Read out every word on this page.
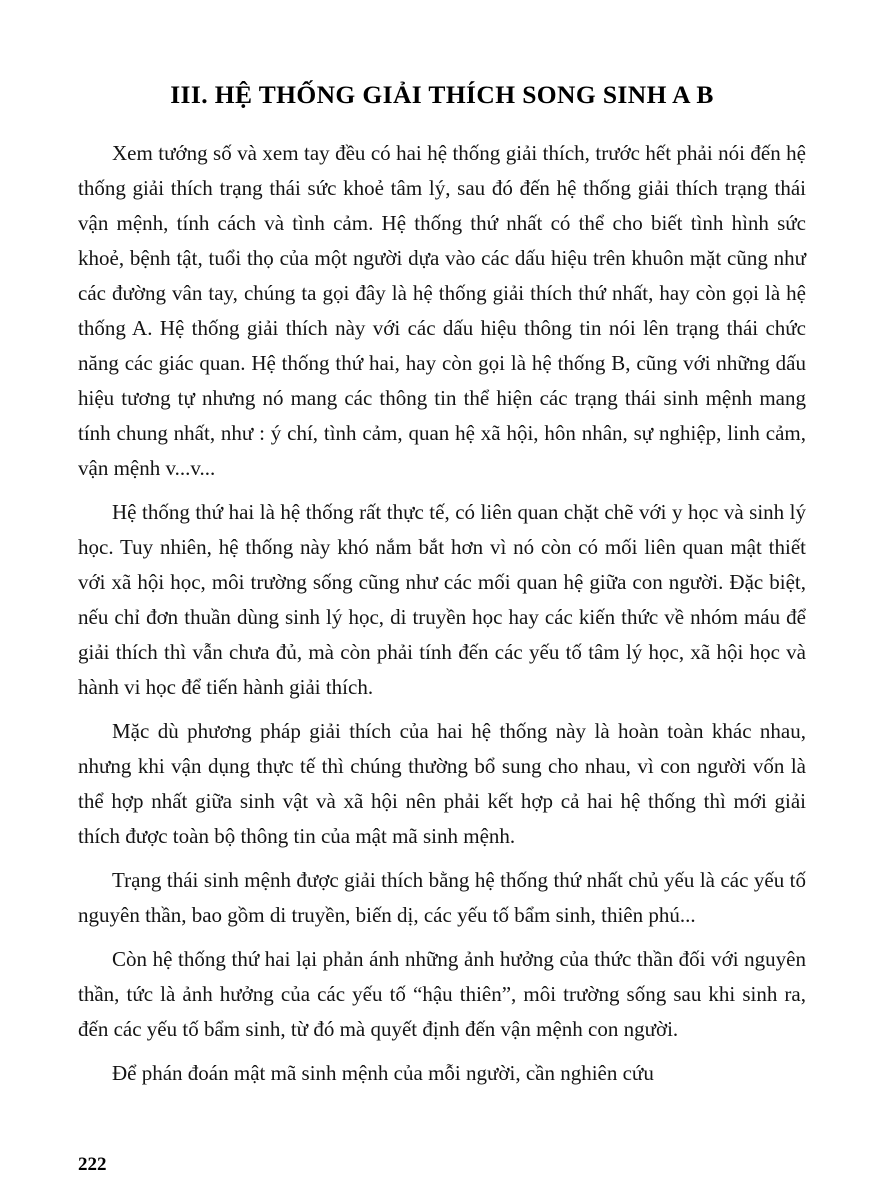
III. HỆ THỐNG GIẢI THÍCH SONG SINH A B

Xem tướng số và xem tay đều có hai hệ thống giải thích, trước hết phải nói đến hệ thống giải thích trạng thái sức khoẻ tâm lý, sau đó đến hệ thống giải thích trạng thái vận mệnh, tính cách và tình cảm. Hệ thống thứ nhất có thể cho biết tình hình sức khoẻ, bệnh tật, tuổi thọ của một người dựa vào các dấu hiệu trên khuôn mặt cũng như các đường vân tay, chúng ta gọi đây là hệ thống giải thích thứ nhất, hay còn gọi là hệ thống A. Hệ thống giải thích này với các dấu hiệu thông tin nói lên trạng thái chức năng các giác quan. Hệ thống thứ hai, hay còn gọi là hệ thống B, cũng với những dấu hiệu tương tự nhưng nó mang các thông tin thể hiện các trạng thái sinh mệnh mang tính chung nhất, như : ý chí, tình cảm, quan hệ xã hội, hôn nhân, sự nghiệp, linh cảm, vận mệnh v...v...

Hệ thống thứ hai là hệ thống rất thực tế, có liên quan chặt chẽ với y học và sinh lý học. Tuy nhiên, hệ thống này khó nắm bắt hơn vì nó còn có mối liên quan mật thiết với xã hội học, môi trường sống cũng như các mối quan hệ giữa con người. Đặc biệt, nếu chỉ đơn thuần dùng sinh lý học, di truyền học hay các kiến thức về nhóm máu để giải thích thì vẫn chưa đủ, mà còn phải tính đến các yếu tố tâm lý học, xã hội học và hành vi học để tiến hành giải thích.

Mặc dù phương pháp giải thích của hai hệ thống này là hoàn toàn khác nhau, nhưng khi vận dụng thực tế thì chúng thường bổ sung cho nhau, vì con người vốn là thể hợp nhất giữa sinh vật và xã hội nên phải kết hợp cả hai hệ thống thì mới giải thích được toàn bộ thông tin của mật mã sinh mệnh.

Trạng thái sinh mệnh được giải thích bằng hệ thống thứ nhất chủ yếu là các yếu tố nguyên thần, bao gồm di truyền, biến dị, các yếu tố bẩm sinh, thiên phú...

Còn hệ thống thứ hai lại phản ánh những ảnh hưởng của thức thần đối với nguyên thần, tức là ảnh hưởng của các yếu tố “hậu thiên”, môi trường sống sau khi sinh ra, đến các yếu tố bẩm sinh, từ đó mà quyết định đến vận mệnh con người.

Để phán đoán mật mã sinh mệnh của mỗi người, cần nghiên cứu

222
